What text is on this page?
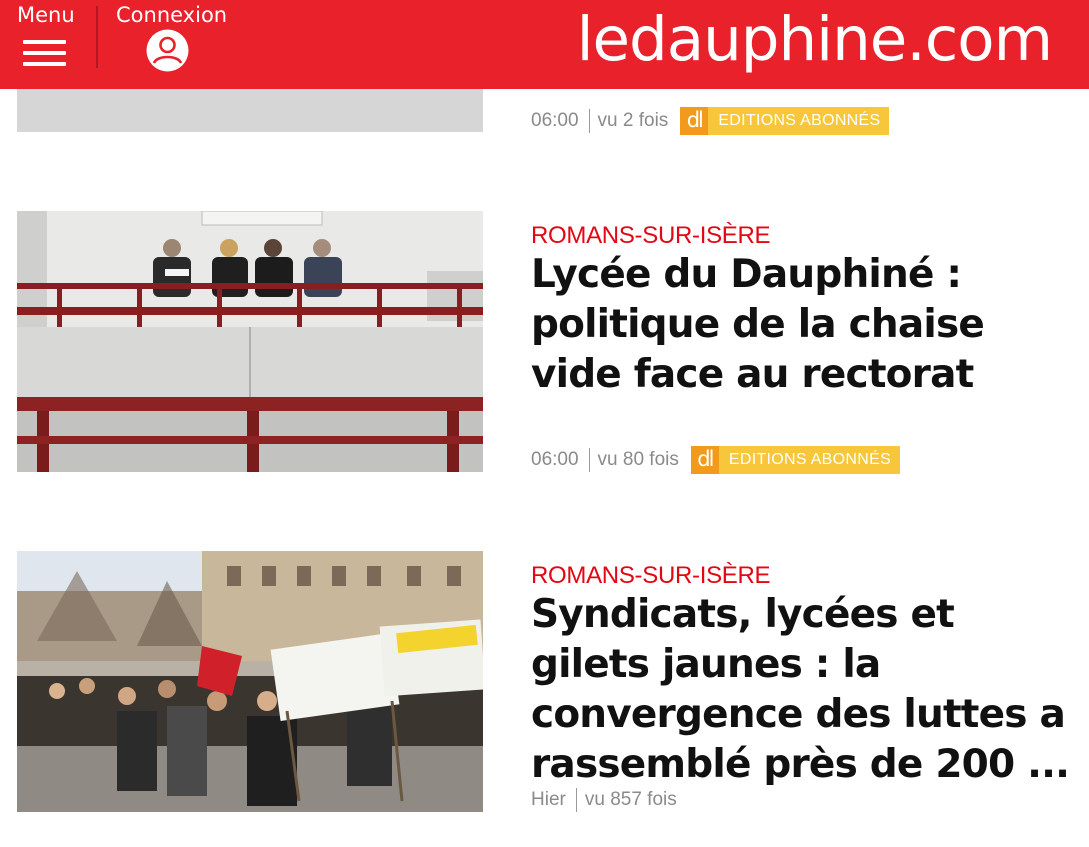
Menu Connexion	ledauphine.com
06:00 vu 2 fois dl	EDITIONS ABONNÉS
ROMANS-SUR-ISÈRE
Lycée du Dauphiné : politique de la chaise vide face au rectorat
06:00 vu 80 fois dl	EDITIONS ABONNÉS
ROMANS-SUR-ISÈRE
Syndicats, lycées et gilets jaunes : la convergence des luttes a rassemblé près de 200 ...
Hier vu 857 fois
